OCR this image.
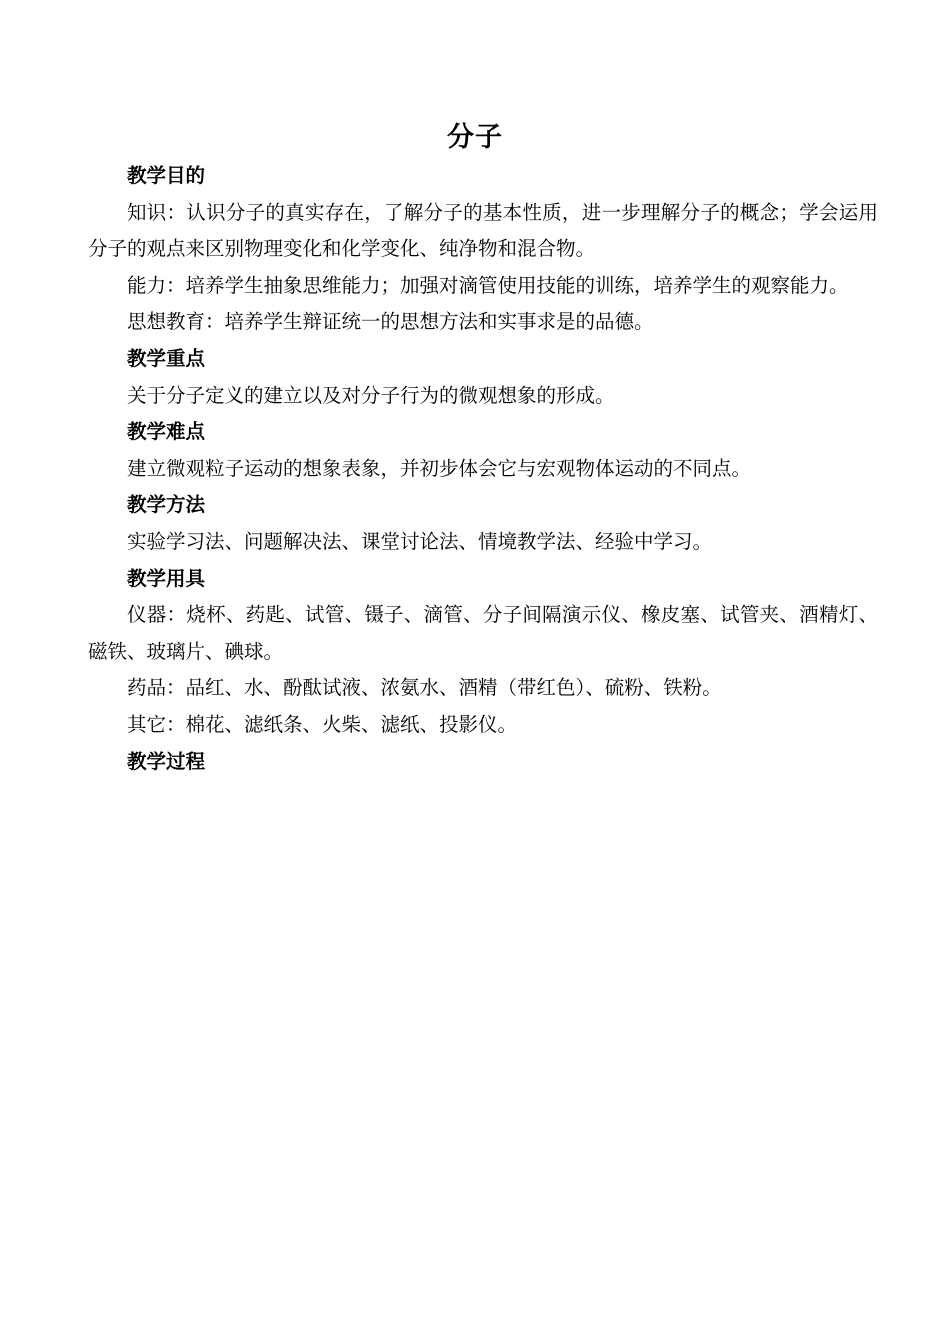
分子

教学目的

知识：认识分子的真实存在，了解分子的基本性质，进一步理解分子的概念；学会运用分子的观点来区别物理变化和化学变化、纯净物和混合物。

能力：培养学生抽象思维能力；加强对滴管使用技能的训练，培养学生的观察能力。

思想教育：培养学生辩证统一的思想方法和实事求是的品德。

教学重点

关于分子定义的建立以及对分子行为的微观想象的形成。

教学难点

建立微观粒子运动的想象表象，并初步体会它与宏观物体运动的不同点。

教学方法

实验学习法、问题解决法、课堂讨论法、情境教学法、经验中学习。

教学用具

仪器：烧杯、药匙、试管、镊子、滴管、分子间隔演示仪、橡皮塞、试管夹、酒精灯、磁铁、玻璃片、碘球。

药品：品红、水、酚酞试液、浓氨水、酒精（带红色）、硫粉、铁粉。

其它：棉花、滤纸条、火柴、滤纸、投影仪。

教学过程
